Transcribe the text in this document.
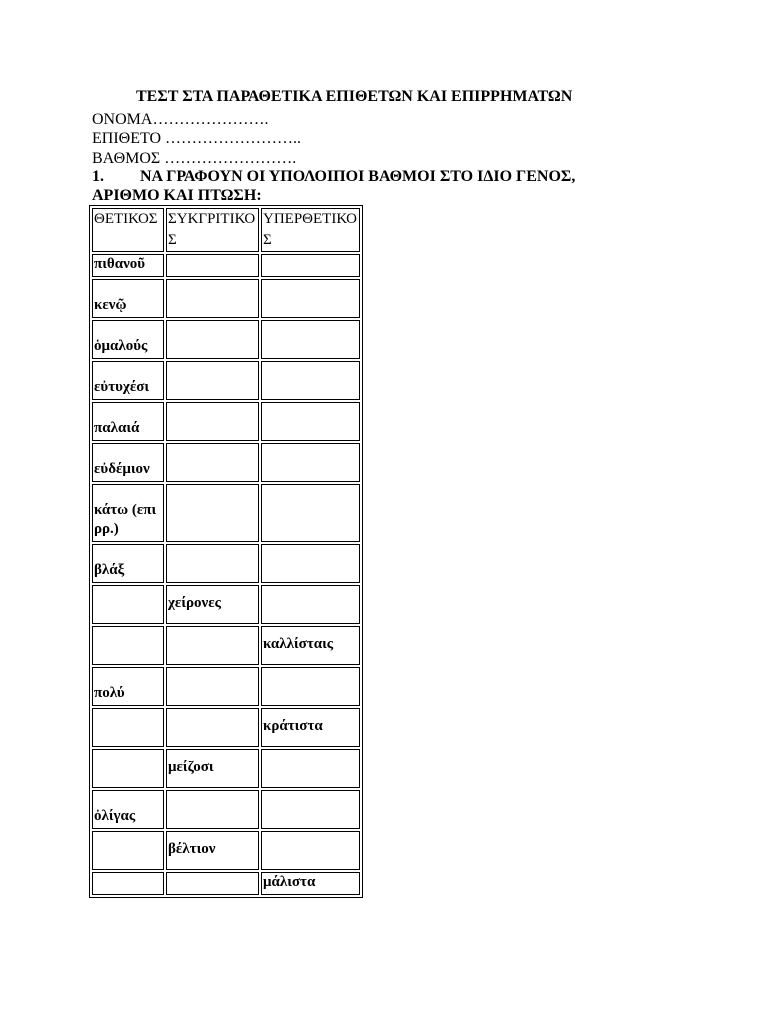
ΤΕΣΤ ΣΤΑ ΠΑΡΑΘΕΤΙΚΑ ΕΠΙΘΕΤΩΝ ΚΑΙ ΕΠΙΡΡΗΜΑΤΩΝ
ΟΝΟΜΑ………………….
ΕΠΙΘΕΤΟ ……………………..
ΒΑΘΜΟΣ …………………….
1. ΝΑ ΓΡΑΦΟΥΝ ΟΙ ΥΠΟΛΟΙΠΟΙ ΒΑΘΜΟΙ ΣΤΟ ΙΔΙΟ ΓΕΝΟΣ,
ΑΡΙΘΜΟ ΚΑΙ ΠΤΩΣΗ:
ΘΕΤΙΚΟΣ	ΣΥΚΓΡΙΤΙΚΟΣ	ΥΠΕΡΘΕΤΙΚΟΣ
πιθανοῦ		
κενῷ		
ὁμαλούς		
εὐτυχέσι		
παλαιά		
εὐδέμιον		
κάτω (επιρρ.)		
βλάξ		
	χείρονες	
		καλλίσταις
πολύ		
		κράτιστα
	μείζοσι	
ὀλίγας		
	βέλτιον	
		μάλιστα
